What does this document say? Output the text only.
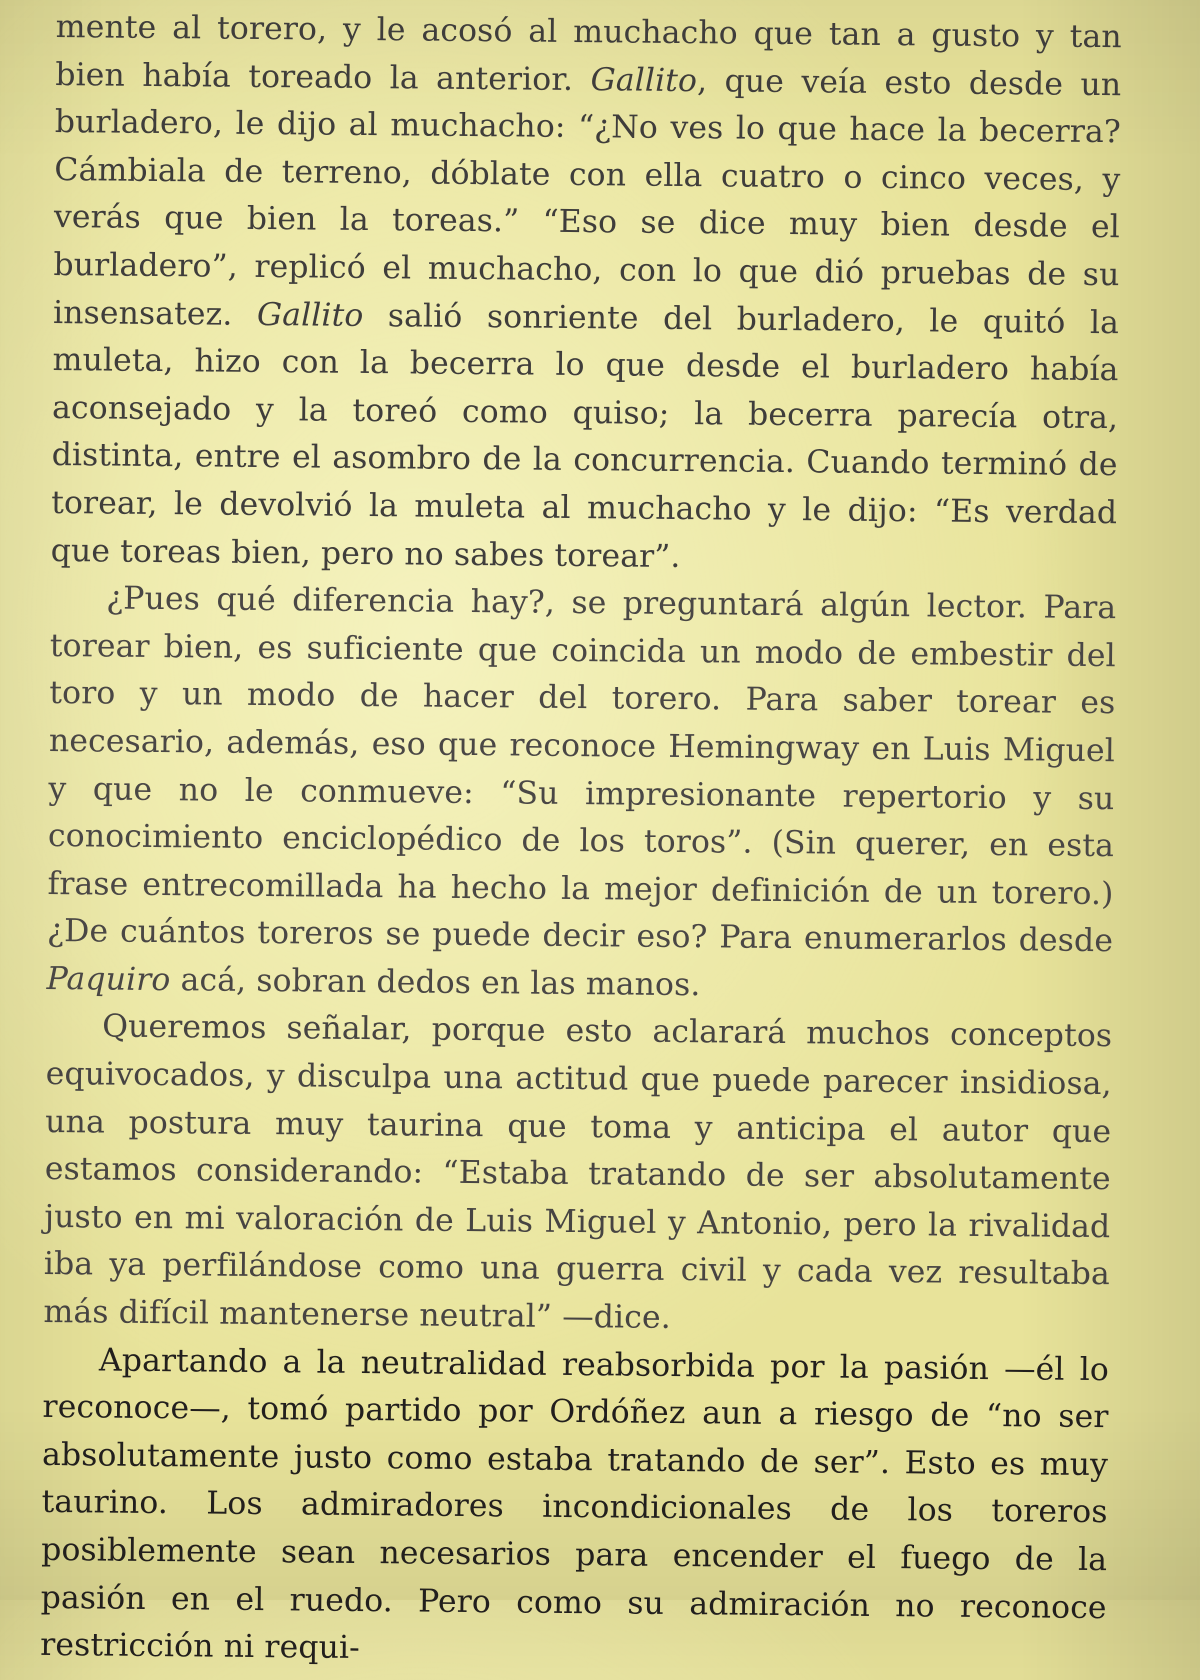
mente al torero, y le acosó al muchacho que tan a gusto y tan bien había toreado la anterior. Gallito, que veía esto desde un burladero, le dijo al muchacho: “¿No ves lo que hace la becerra? Cámbiala de terreno, dóblate con ella cuatro o cinco veces, y verás que bien la toreas.” “Eso se dice muy bien desde el burladero”, replicó el muchacho, con lo que dió pruebas de su insensatez. Gallito salió sonriente del burladero, le quitó la muleta, hizo con la becerra lo que desde el burladero había aconsejado y la toreó como quiso; la becerra parecía otra, distinta, entre el asombro de la concurrencia. Cuando terminó de torear, le devolvió la muleta al muchacho y le dijo: “Es verdad que toreas bien, pero no sabes torear”.

¿Pues qué diferencia hay?, se preguntará algún lector. Para torear bien, es suficiente que coincida un modo de embestir del toro y un modo de hacer del torero. Para saber torear es necesario, además, eso que reconoce Hemingway en Luis Miguel y que no le conmueve: “Su impresionante repertorio y su conocimiento enciclopédico de los toros”. (Sin querer, en esta frase entrecomillada ha hecho la mejor definición de un torero.) ¿De cuántos toreros se puede decir eso? Para enumerarlos desde Paquiro acá, sobran dedos en las manos.

Queremos señalar, porque esto aclarará muchos conceptos equivocados, y disculpa una actitud que puede parecer insidiosa, una postura muy taurina que toma y anticipa el autor que estamos considerando: “Estaba tratando de ser absolutamente justo en mi valoración de Luis Miguel y Antonio, pero la rivalidad iba ya perfilándose como una guerra civil y cada vez resultaba más difícil mantenerse neutral” —dice.

Apartando a la neutralidad reabsorbida por la pasión —él lo reconoce—, tomó partido por Ordóñez aun a riesgo de “no ser absolutamente justo como estaba tratando de ser”. Esto es muy taurino. Los admiradores incondicionales de los toreros posiblemente sean necesarios para encender el fuego de la pasión en el ruedo. Pero como su admiración no reconoce restricción ni requi-
